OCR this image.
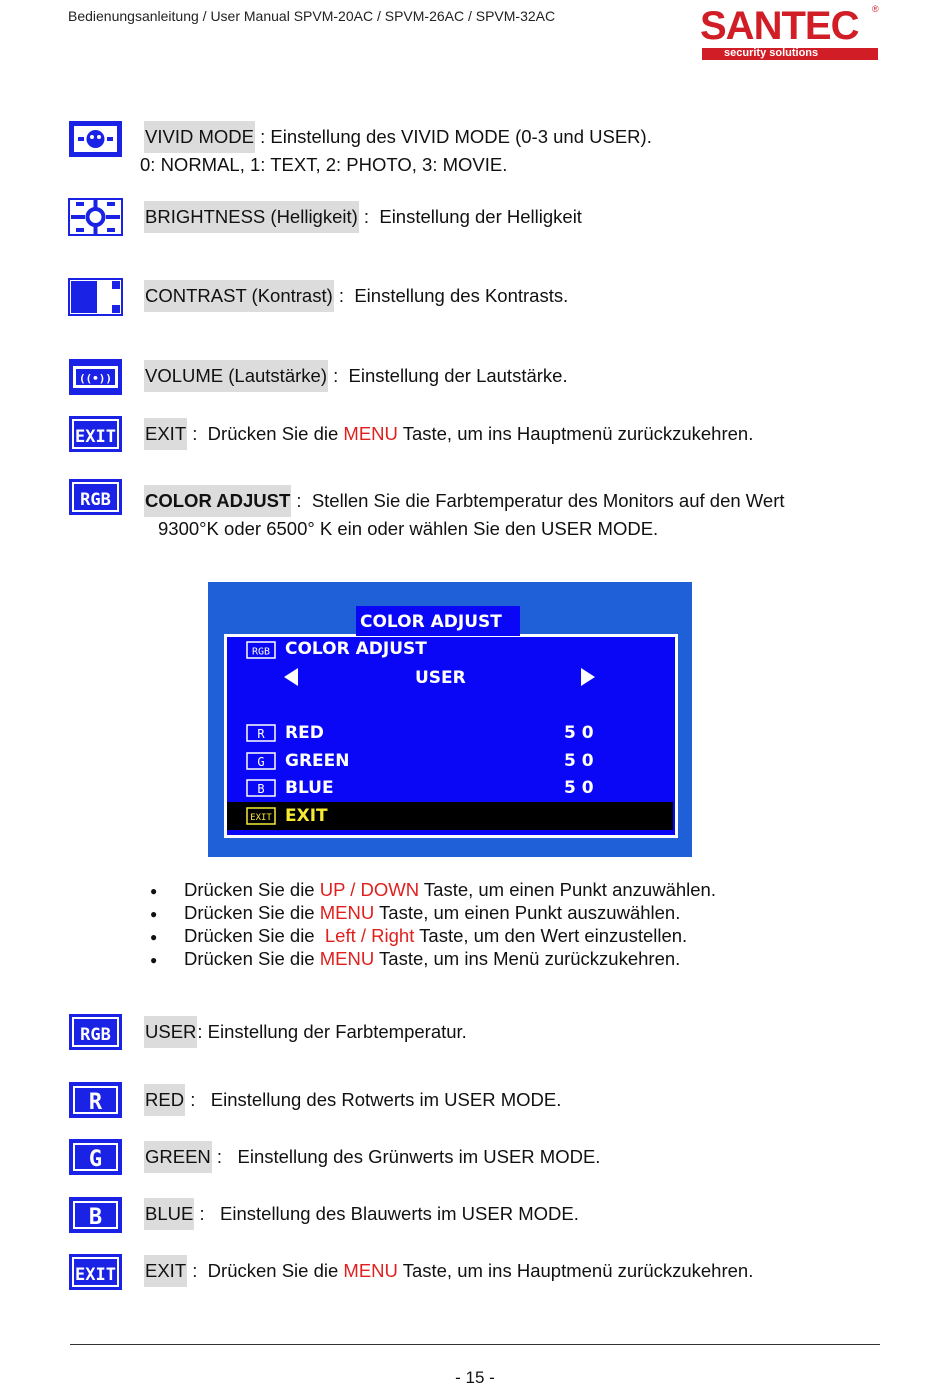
Bedienungsanleitung / User Manual SPVM-20AC / SPVM-26AC / SPVM-32AC	SANTEC ®
security solutions
VIVID MODE : Einstellung des VIVID MODE (0-3 und USER).
0: NORMAL, 1: TEXT, 2: PHOTO, 3: MOVIE.
BRIGHTNESS (Helligkeit) :  Einstellung der Helligkeit
CONTRAST (Kontrast) :  Einstellung des Kontrasts.
((•)) VOLUME (Lautstärke) :  Einstellung der Lautstärke.
EXIT EXIT :  Drücken Sie die MENU Taste, um ins Hauptmenü zurückzukehren.
RGB COLOR ADJUST :  Stellen Sie die Farbtemperatur des Monitors auf den Wert
9300°K oder 6500° K ein oder wählen Sie den USER MODE.
COLOR ADJUST
RGB COLOR ADJUST
USER
R RED	5 0
G GREEN	5 0
B BLUE	5 0
EXIT EXIT
● Drücken Sie die UP / DOWN Taste, um einen Punkt anzuwählen.
● Drücken Sie die MENU Taste, um einen Punkt auszuwählen.
● Drücken Sie die  Left / Right Taste, um den Wert einzustellen.
● Drücken Sie die MENU Taste, um ins Menü zurückzukehren.
RGB USER: Einstellung der Farbtemperatur.
R RED :   Einstellung des Rotwerts im USER MODE.
G GREEN :   Einstellung des Grünwerts im USER MODE.
B BLUE :   Einstellung des Blauwerts im USER MODE.
EXIT EXIT :  Drücken Sie die MENU Taste, um ins Hauptmenü zurückzukehren.
- 15 -
